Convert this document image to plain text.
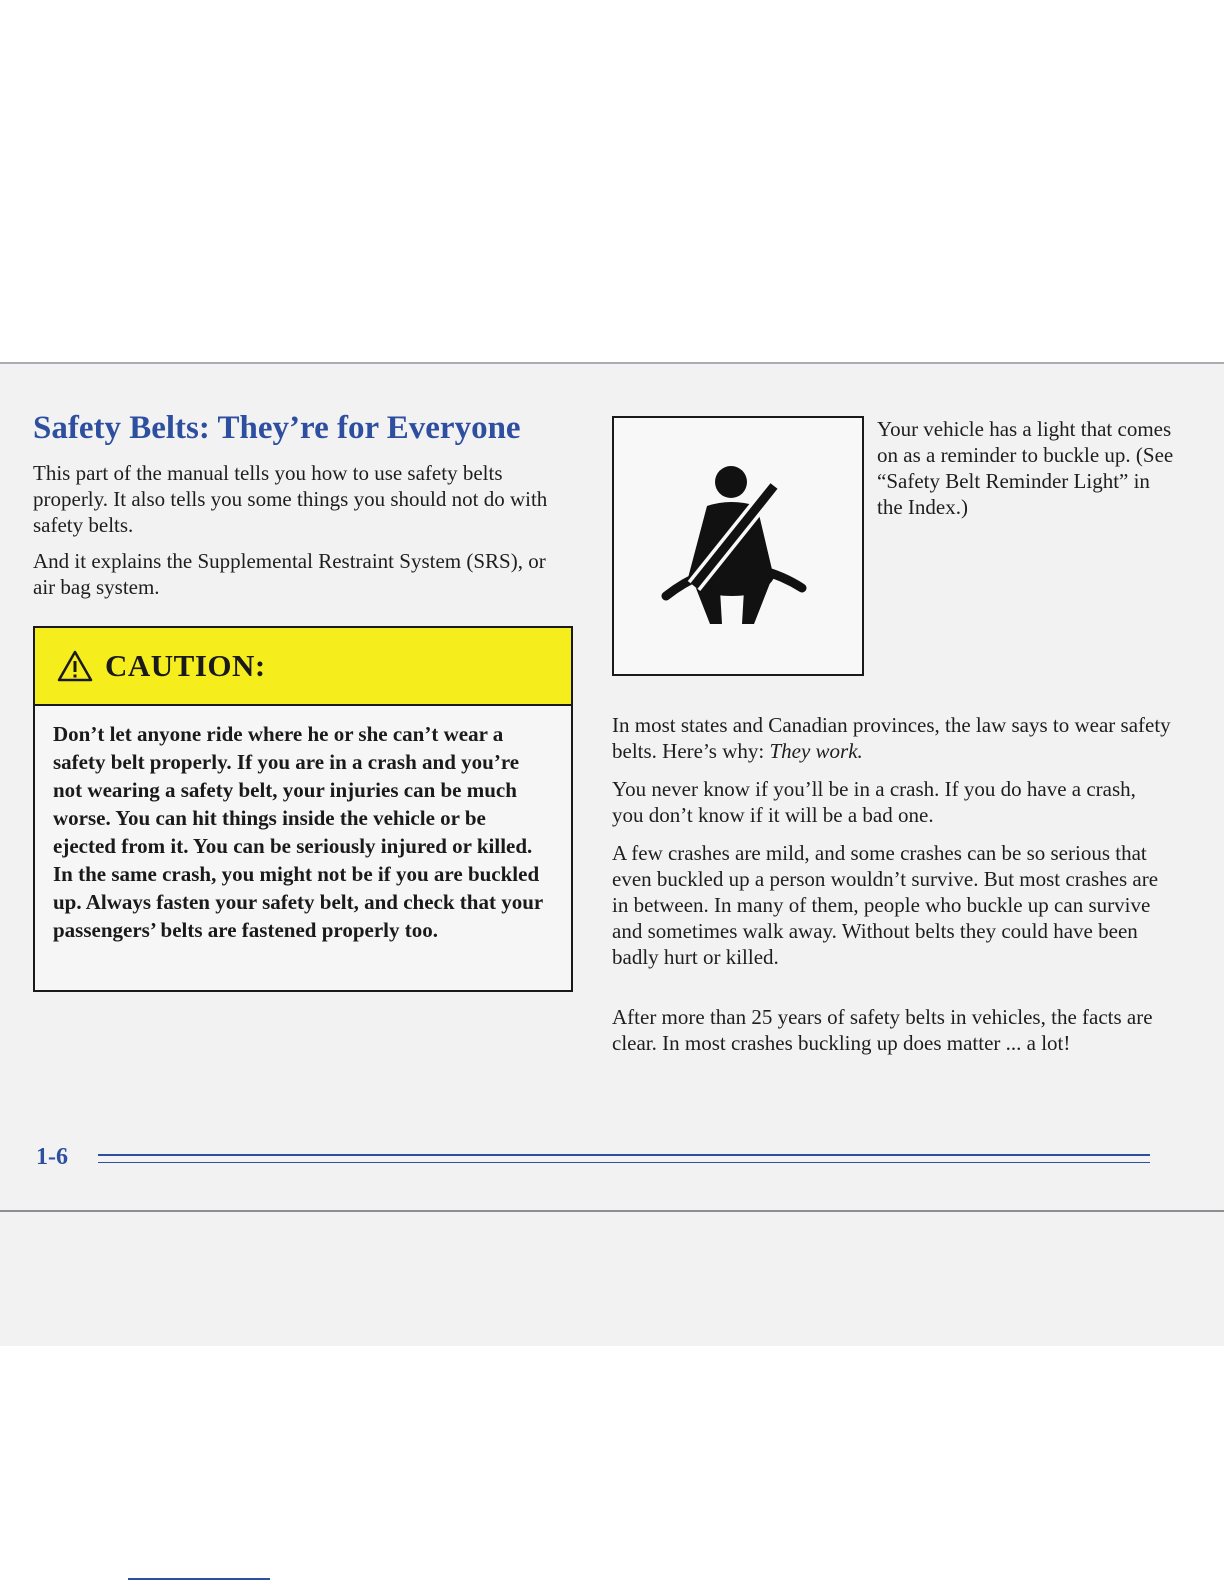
Safety Belts: They’re for Everyone

This part of the manual tells you how to use safety belts properly. It also tells you some things you should not do with safety belts.

And it explains the Supplemental Restraint System (SRS), or air bag system.

CAUTION:

Don’t let anyone ride where he or she can’t wear a safety belt properly. If you are in a crash and you’re not wearing a safety belt, your injuries can be much worse. You can hit things inside the vehicle or be ejected from it. You can be seriously injured or killed. In the same crash, you might not be if you are buckled up. Always fasten your safety belt, and check that your passengers’ belts are fastened properly too.

Your vehicle has a light that comes on as a reminder to buckle up. (See “Safety Belt Reminder Light” in the Index.)

In most states and Canadian provinces, the law says to wear safety belts. Here’s why: They work.

You never know if you’ll be in a crash. If you do have a crash, you don’t know if it will be a bad one.

A few crashes are mild, and some crashes can be so serious that even buckled up a person wouldn’t survive. But most crashes are in between. In many of them, people who buckle up can survive and sometimes walk away. Without belts they could have been badly hurt or killed.

After more than 25 years of safety belts in vehicles, the facts are clear. In most crashes buckling up does matter ... a lot!

1-6
